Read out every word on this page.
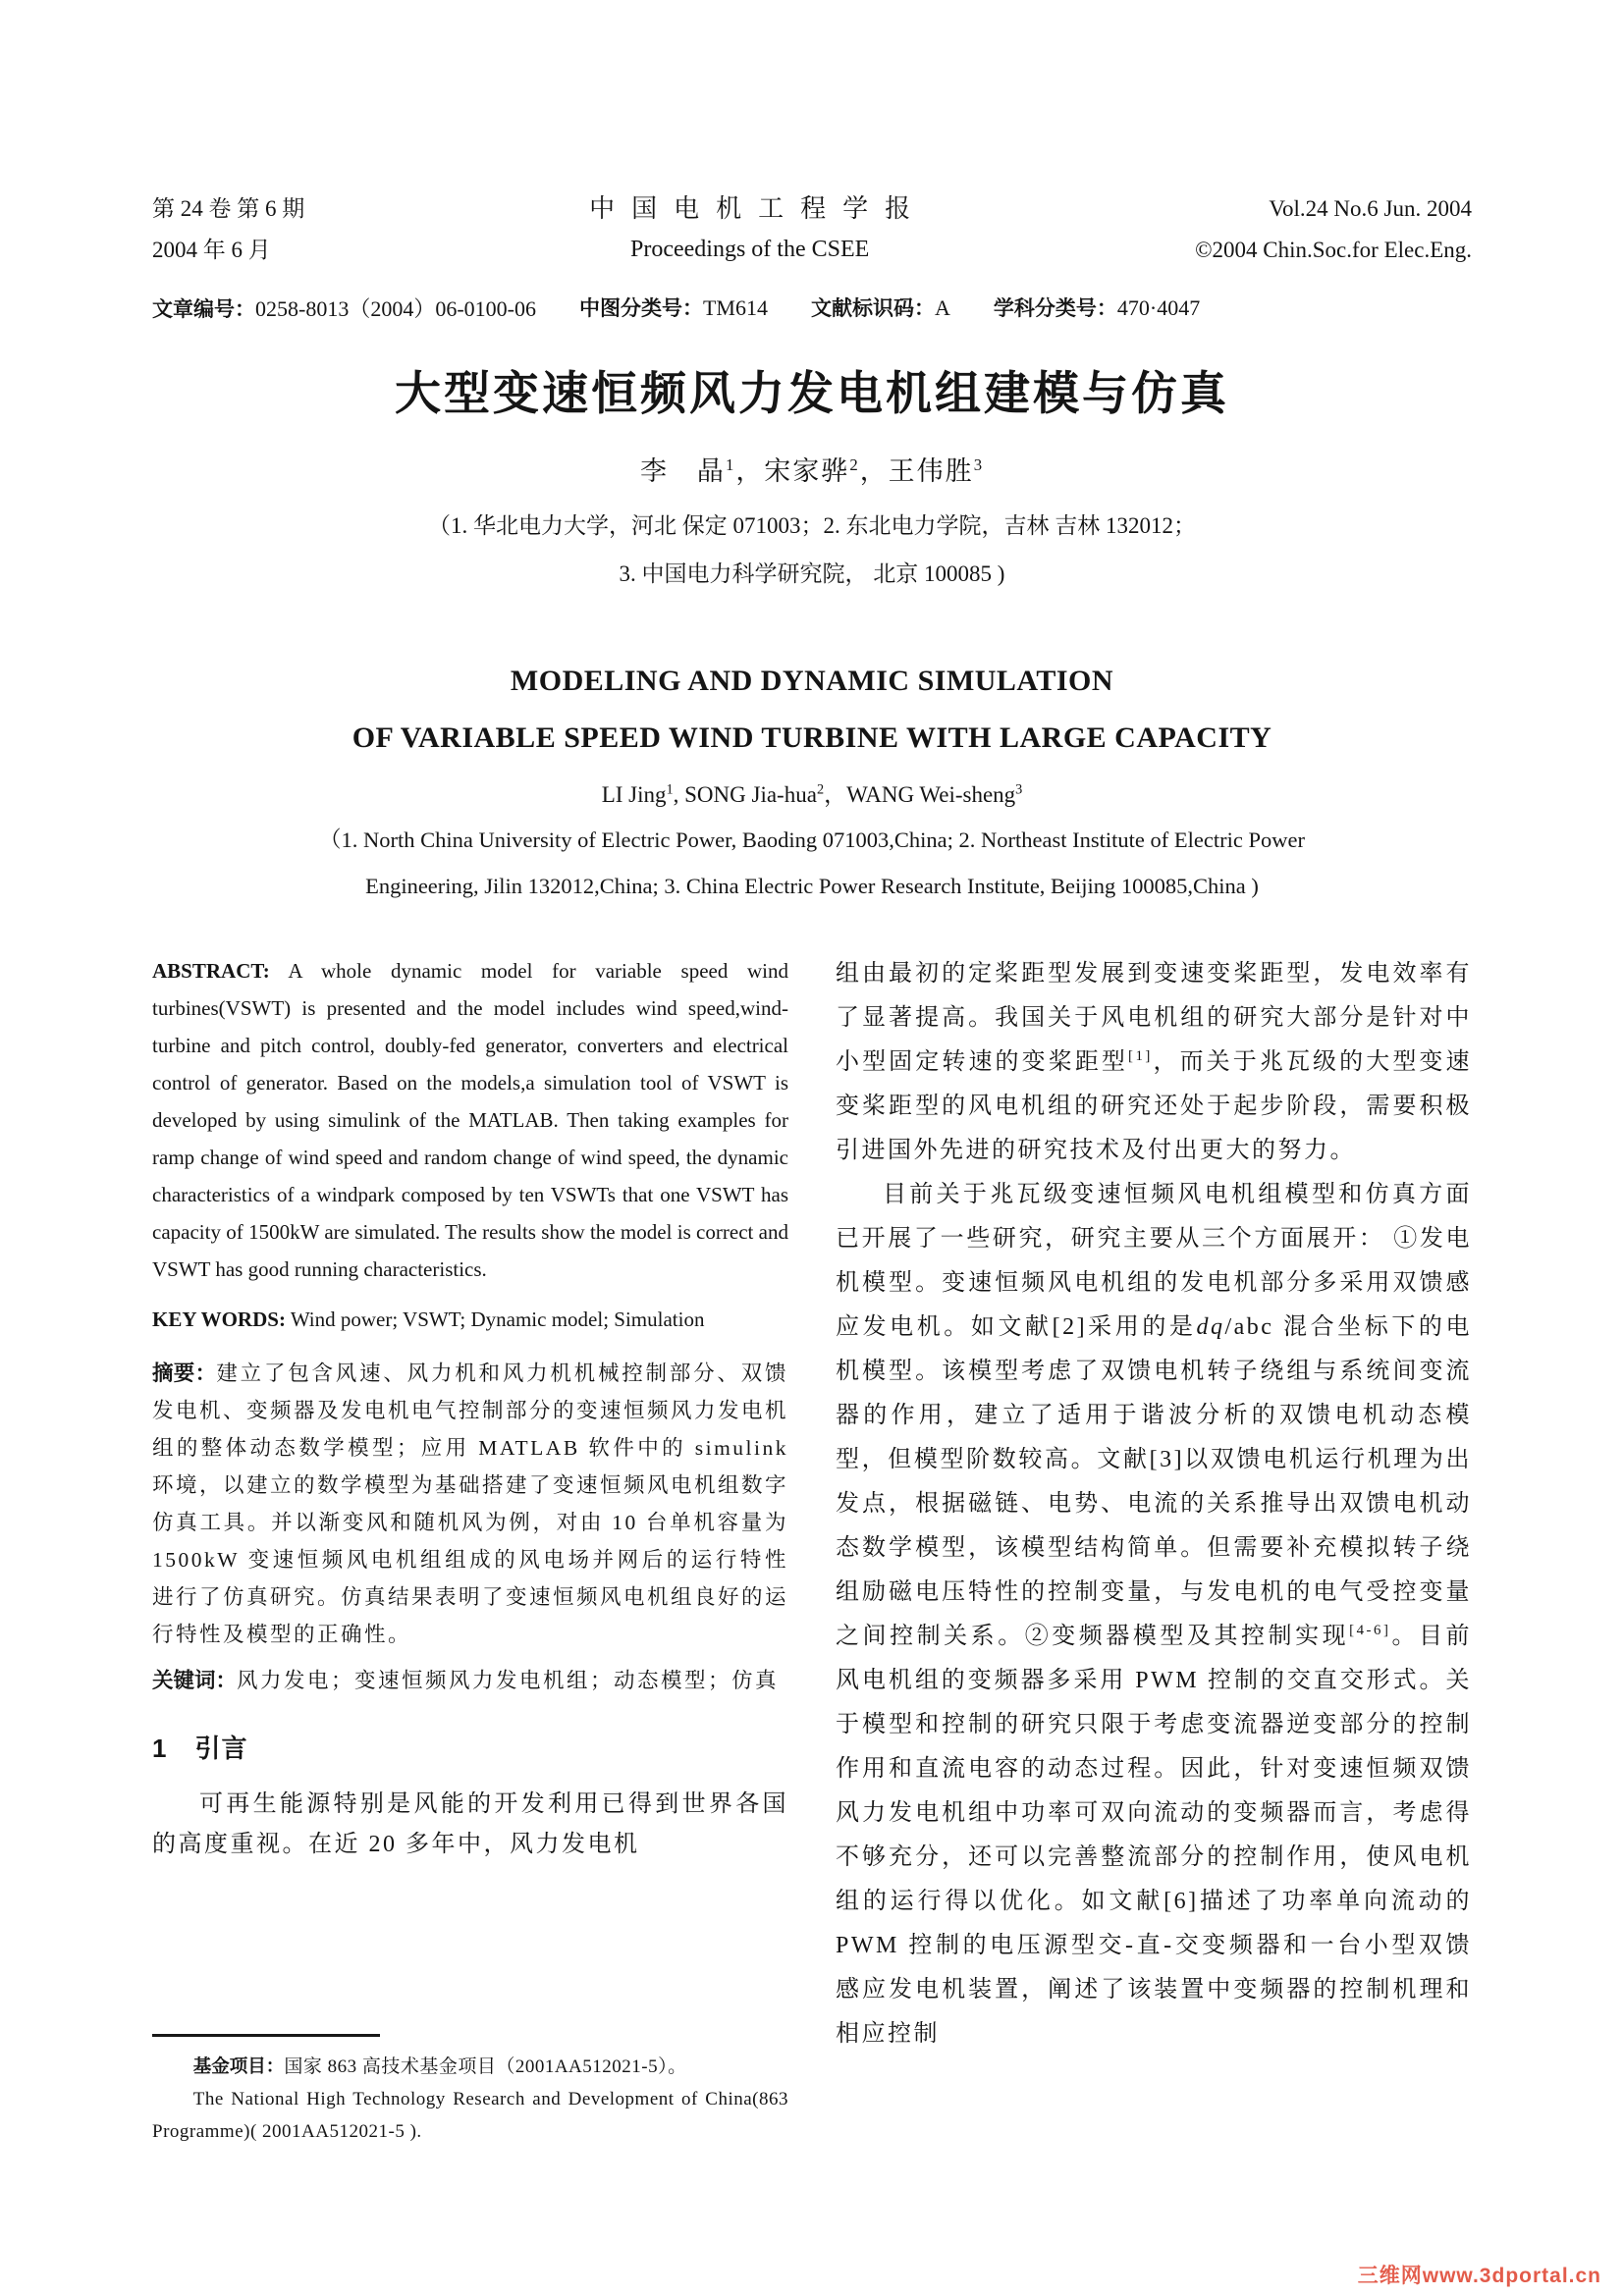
第 24 卷 第 6 期
2004 年 6 月
中国电机工程学报
Proceedings of the CSEE
Vol.24 No.6 Jun. 2004
©2004 Chin.Soc.for Elec.Eng.
文章编号：0258-8013（2004）06-0100-06 中图分类号：TM614 文献标识码：A 学科分类号：470·4047
大型变速恒频风力发电机组建模与仿真
李　晶$^1$，宋家骅$^2$，王伟胜$^3$
（1. 华北电力大学，河北 保定 071003；2. 东北电力学院，吉林 吉林 132012；
3. 中国电力科学研究院， 北京 100085 )
MODELING AND DYNAMIC SIMULATION
OF VARIABLE SPEED WIND TURBINE WITH LARGE CAPACITY
LI Jing$^1$, SONG Jia-hua$^2$，WANG Wei-sheng$^3$
（1. North China University of Electric Power, Baoding 071003,China; 2. Northeast Institute of Electric Power
Engineering, Jilin 132012,China; 3. China Electric Power Research Institute, Beijing 100085,China )

ABSTRACT: A whole dynamic model for variable speed wind turbines(VSWT) is presented and the model includes wind speed,wind-turbine and pitch control, doubly-fed generator, converters and electrical control of generator. Based on the models,a simulation tool of VSWT is developed by using simulink of the MATLAB. Then taking examples for ramp change of wind speed and random change of wind speed, the dynamic characteristics of a windpark composed by ten VSWTs that one VSWT has capacity of 1500kW are simulated. The results show the model is correct and VSWT has good running characteristics.

KEY WORDS: Wind power; VSWT; Dynamic model; Simulation

摘要：建立了包含风速、风力机和风力机机械控制部分、双馈发电机、变频器及发电机电气控制部分的变速恒频风力发电机组的整体动态数学模型；应用 MATLAB 软件中的 simulink 环境，以建立的数学模型为基础搭建了变速恒频风电机组数字仿真工具。并以渐变风和随机风为例，对由 10 台单机容量为 1500kW 变速恒频风电机组组成的风电场并网后的运行特性进行了仿真研究。仿真结果表明了变速恒频风电机组良好的运行特性及模型的正确性。

关键词：风力发电；变速恒频风力发电机组；动态模型；仿真

1 引言

可再生能源特别是风能的开发利用已得到世界各国的高度重视。在近 20 多年中，风力发电机

基金项目：国家 863 高技术基金项目（2001AA512021-5）。

The National High Technology Research and Development of China(863 Programme)( 2001AA512021-5 ).

组由最初的定桨距型发展到变速变桨距型，发电效率有了显著提高。我国关于风电机组的研究大部分是针对中小型固定转速的变桨距型[1]，而关于兆瓦级的大型变速变桨距型的风电机组的研究还处于起步阶段，需要积极引进国外先进的研究技术及付出更大的努力。

目前关于兆瓦级变速恒频风电机组模型和仿真方面已开展了一些研究，研究主要从三个方面展开： ①发电机模型。变速恒频风电机组的发电机部分多采用双馈感应发电机。如文献[2]采用的是dq/abc 混合坐标下的电机模型。该模型考虑了双馈电机转子绕组与系统间变流器的作用，建立了适用于谐波分析的双馈电机动态模型，但模型阶数较高。文献[3]以双馈电机运行机理为出发点，根据磁链、电势、电流的关系推导出双馈电机动态数学模型，该模型结构简单。但需要补充模拟转子绕组励磁电压特性的控制变量，与发电机的电气受控变量之间控制关系。②变频器模型及其控制实现[4-6]。目前风电机组的变频器多采用 PWM 控制的交直交形式。关于模型和控制的研究只限于考虑变流器逆变部分的控制作用和直流电容的动态过程。因此，针对变速恒频双馈风力发电机组中功率可双向流动的变频器而言，考虑得不够充分，还可以完善整流部分的控制作用，使风电机组的运行得以优化。如文献[6]描述了功率单向流动的 PWM 控制的电压源型交-直-交变频器和一台小型双馈感应发电机装置，阐述了该装置中变频器的控制机理和相应控制

三维网www.3dportal.cn
